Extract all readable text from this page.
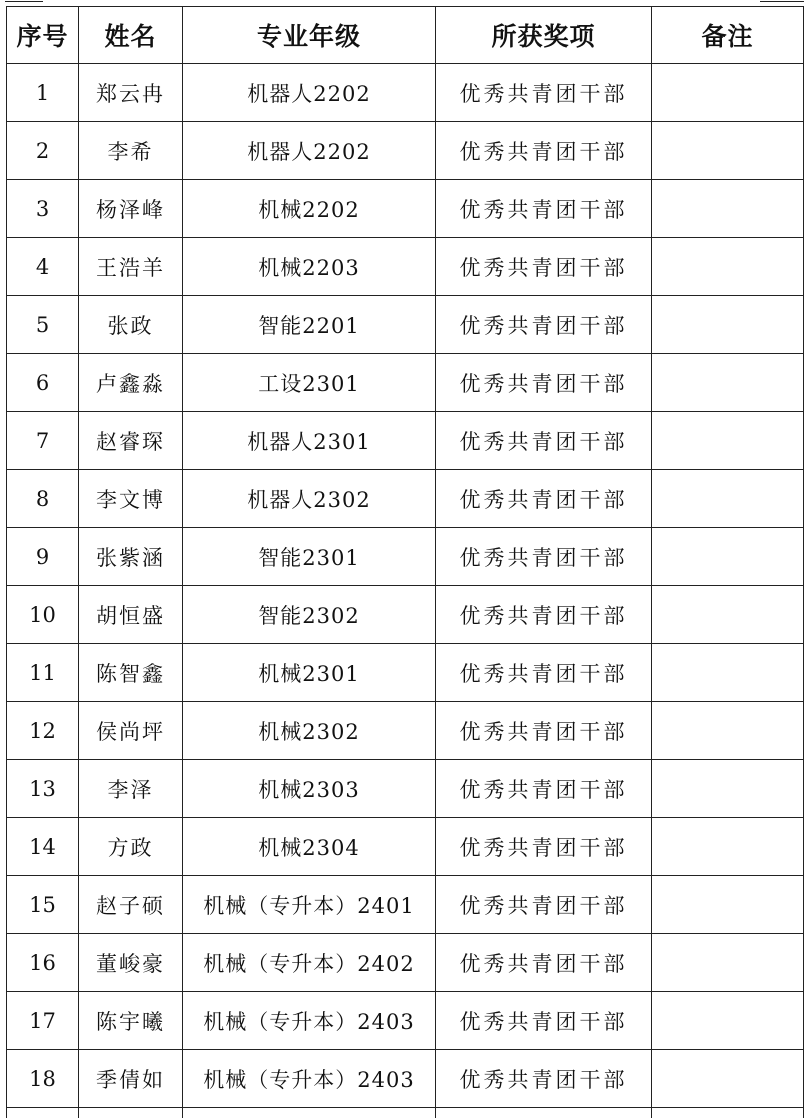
序号	姓名	专业年级	所获奖项	备注
1	郑云冉	机器人2202	优秀共青团干部	
2	李希	机器人2202	优秀共青团干部	
3	杨泽峰	机械2202	优秀共青团干部	
4	王浩羊	机械2203	优秀共青团干部	
5	张政	智能2201	优秀共青团干部	
6	卢鑫淼	工设2301	优秀共青团干部	
7	赵睿琛	机器人2301	优秀共青团干部	
8	李文博	机器人2302	优秀共青团干部	
9	张紫涵	智能2301	优秀共青团干部	
10	胡恒盛	智能2302	优秀共青团干部	
11	陈智鑫	机械2301	优秀共青团干部	
12	侯尚坪	机械2302	优秀共青团干部	
13	李泽	机械2303	优秀共青团干部	
14	方政	机械2304	优秀共青团干部	
15	赵子硕	机械（专升本）2401	优秀共青团干部	
16	董峻豪	机械（专升本）2402	优秀共青团干部	
17	陈宇曦	机械（专升本）2403	优秀共青团干部	
18	季倩如	机械（专升本）2403	优秀共青团干部	
